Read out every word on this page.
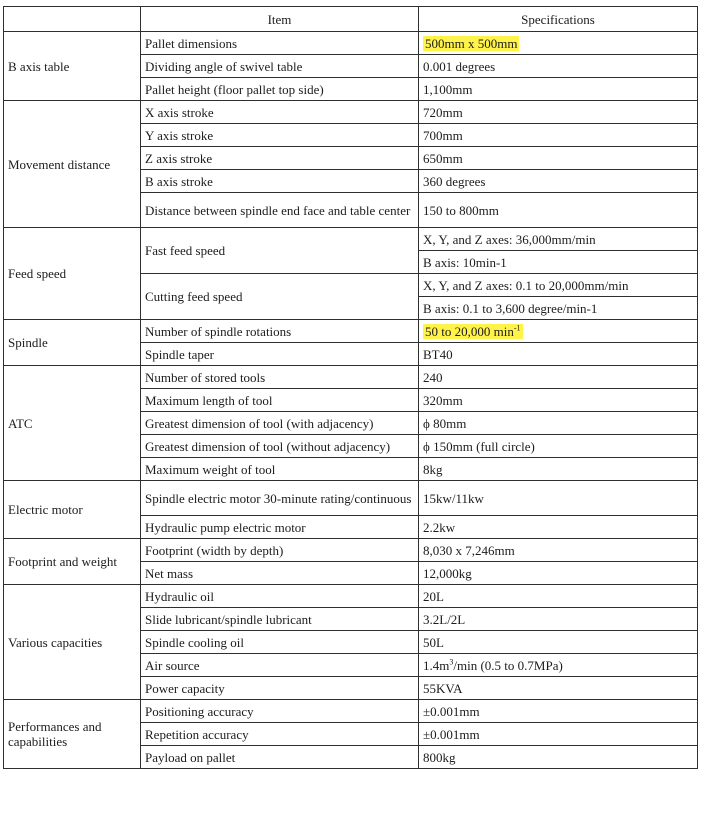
	Item	Specifications
B axis table	Pallet dimensions	500mm x 500mm
	Dividing angle of swivel table	0.001 degrees
	Pallet height (floor pallet top side)	1,100mm
Movement distance	X axis stroke	720mm
	Y axis stroke	700mm
	Z axis stroke	650mm
	B axis stroke	360 degrees
	Distance between spindle end face and table center	150 to 800mm
Feed speed	Fast feed speed	X, Y, and Z axes: 36,000mm/min
		B axis: 10min-1
	Cutting feed speed	X, Y, and Z axes: 0.1 to 20,000mm/min
		B axis: 0.1 to 3,600 degree/min-1
Spindle	Number of spindle rotations	50 to 20,000 $\min^{-1}$
	Spindle taper	BT40
ATC	Number of stored tools	240
	Maximum length of tool	320mm
	Greatest dimension of tool (with adjacency)	ϕ 80mm
	Greatest dimension of tool (without adjacency)	ϕ 150mm (full circle)
	Maximum weight of tool	8kg
Electric motor	Spindle electric motor 30-minute rating/continuous	15kw/11kw
	Hydraulic pump electric motor	2.2kw
Footprint and weight	Footprint (width by depth)	8,030 x 7,246mm
	Net mass	12,000kg
Various capacities	Hydraulic oil	20L
	Slide lubricant/spindle lubricant	3.2L/2L
	Spindle cooling oil	50L
	Air source	$1.4m^3/\min$ (0.5 to 0.7MPa)
	Power capacity	55KVA
Performances and capabilities	Positioning accuracy	±0.001mm
	Repetition accuracy	±0.001mm
	Payload on pallet	800kg
